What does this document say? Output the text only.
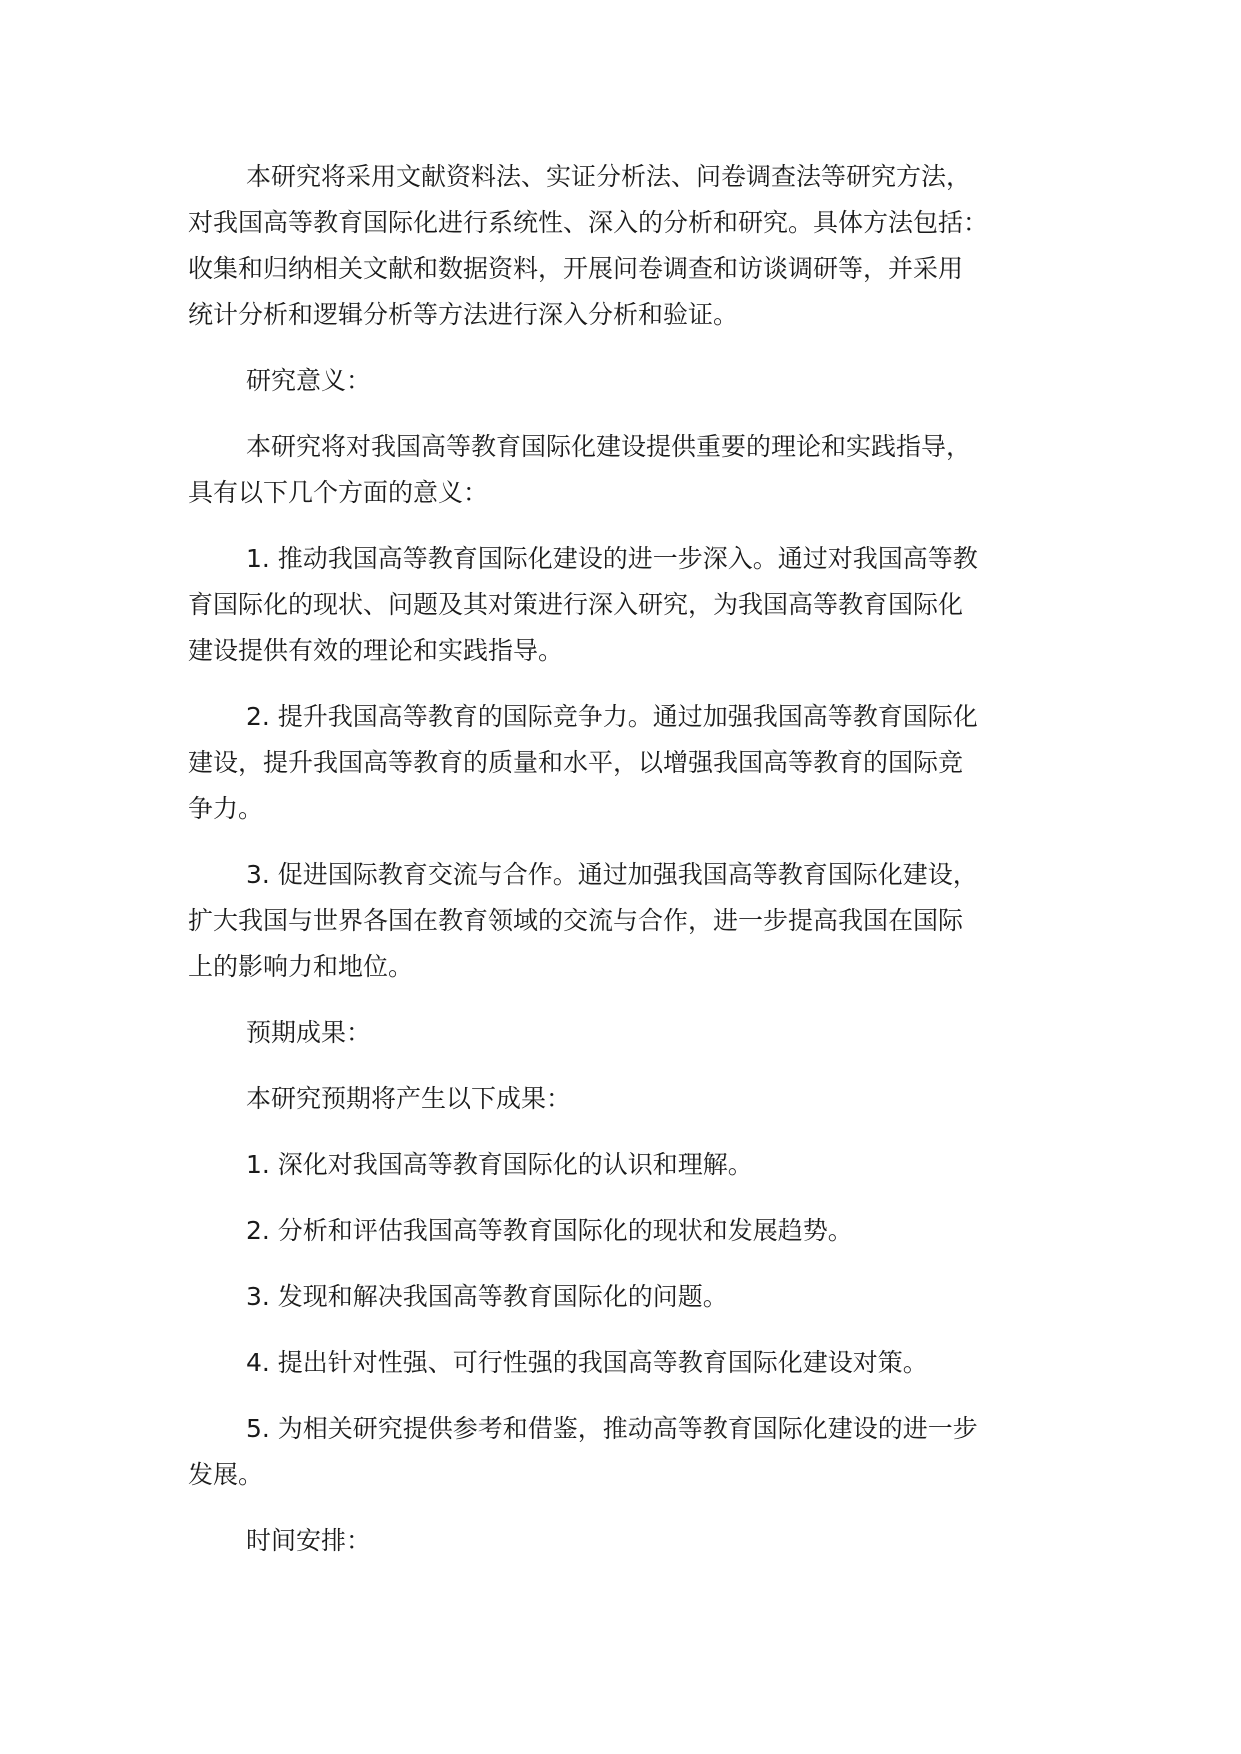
本研究将采用文献资料法、实证分析法、问卷调查法等研究方法，
对我国高等教育国际化进行系统性、深入的分析和研究。具体方法包括：
收集和归纳相关文献和数据资料，开展问卷调查和访谈调研等，并采用
统计分析和逻辑分析等方法进行深入分析和验证。

研究意义：

本研究将对我国高等教育国际化建设提供重要的理论和实践指导，
具有以下几个方面的意义：

1. 推动我国高等教育国际化建设的进一步深入。通过对我国高等教
育国际化的现状、问题及其对策进行深入研究，为我国高等教育国际化
建设提供有效的理论和实践指导。

2. 提升我国高等教育的国际竞争力。通过加强我国高等教育国际化
建设，提升我国高等教育的质量和水平，以增强我国高等教育的国际竞
争力。

3. 促进国际教育交流与合作。通过加强我国高等教育国际化建设，
扩大我国与世界各国在教育领域的交流与合作，进一步提高我国在国际
上的影响力和地位。

预期成果：

本研究预期将产生以下成果：

1. 深化对我国高等教育国际化的认识和理解。

2. 分析和评估我国高等教育国际化的现状和发展趋势。

3. 发现和解决我国高等教育国际化的问题。

4. 提出针对性强、可行性强的我国高等教育国际化建设对策。

5. 为相关研究提供参考和借鉴，推动高等教育国际化建设的进一步
发展。

时间安排：
